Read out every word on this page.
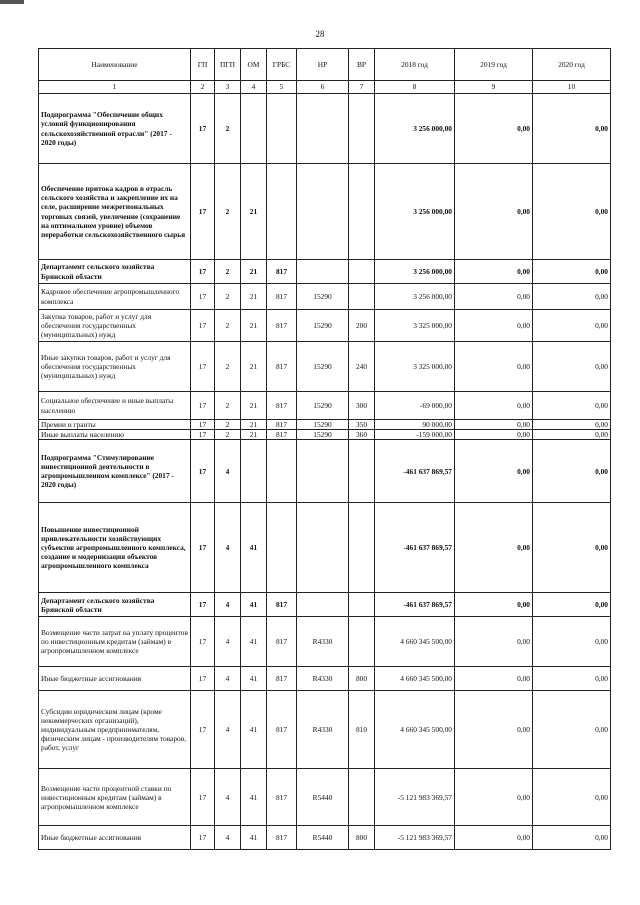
28
Наименование	ГП	ПГП	ОМ	ГРБС	НР	ВР	2018 год	2019 год	2020 год
1	2	3	4	5	6	7	8	9	10
Подпрограмма "Обеспечение общих условий функционирования сельскохозяйственной отрасли" (2017 - 2020 годы)	17	2					3 256 000,00	0,00	0,00
Обеспечение притока кадров в отрасль сельского хозяйства и закрепление их на селе, расширение межрегиональных торговых связей, увеличение (сохранение на оптимальном уровне) объемов переработки сельскохозяйственного сырья	17	2	21				3 256 000,00	0,00	0,00
Департамент сельского хозяйства Брянской области	17	2	21	817			3 256 000,00	0,00	0,00
Кадровое обеспечение агропромышленного комплекса	17	2	21	817	15290		3 256 000,00	0,00	0,00
Закупка товаров, работ и услуг для обеспечения государственных (муниципальных) нужд	17	2	21	817	15290	200	3 325 000,00	0,00	0,00
Иные закупки товаров, работ и услуг для обеспечения государственных (муниципальных) нужд	17	2	21	817	15290	240	3 325 000,00	0,00	0,00
Социальное обеспечение и иные выплаты населению	17	2	21	817	15290	300	-69 000,00	0,00	0,00
Премии и гранты	17	2	21	817	15290	350	90 000,00	0,00	0,00
Иные выплаты населению	17	2	21	817	15290	360	-159 000,00	0,00	0,00
Подпрограмма "Стимулирование инвестиционной деятельности в агропромышленном комплексе" (2017 - 2020 годы)	17	4					-461 637 869,57	0,00	0,00
Повышение инвестиционной привлекательности хозяйствующих субъектов агропромышленного комплекса, создание и модернизация объектов агропромышленного комплекса	17	4	41				-461 637 869,57	0,00	0,00
Департамент сельского хозяйства Брянской области	17	4	41	817			-461 637 869,57	0,00	0,00
Возмещение части затрат на уплату процентов по инвестиционным кредитам (займам) в агропромышленном комплексе	17	4	41	817	R4330		4 660 345 500,00	0,00	0,00
Иные бюджетные ассигнования	17	4	41	817	R4330	800	4 660 345 500,00	0,00	0,00
Субсидии юридическим лицам (кроме некоммерческих организаций), индивидуальным предпринимателям, физическим лицам - производителям товаров, работ, услуг	17	4	41	817	R4330	810	4 660 345 500,00	0,00	0,00
Возмещение части процентной ставки по инвестиционным кредитам (займам) в агропромышленном комплексе	17	4	41	817	R5440		-5 121 983 369,57	0,00	0,00
Иные бюджетные ассигнования	17	4	41	817	R5440	800	-5 121 983 369,57	0,00	0,00
